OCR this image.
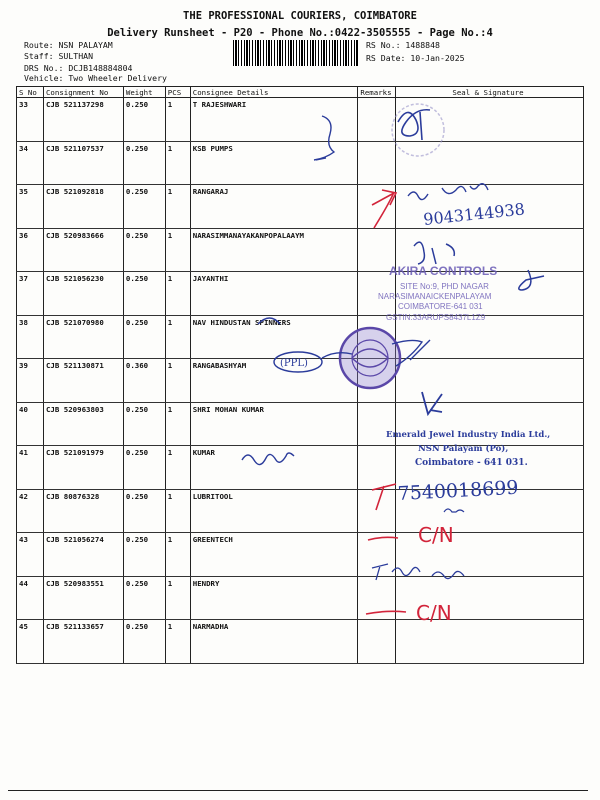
THE PROFESSIONAL COURIERS, COIMBATORE
Delivery Runsheet - P20 - Phone No.:0422-3505555 - Page No.:4
Route: NSN PALAYAM
Staff: SULTHAN
DRS No.: DCJB148884804
Vehicle: Two Wheeler Delivery
RS No.: 1488848
RS Date: 10-Jan-2025
S No	Consignment No	Weight	PCS	Consignee Details	Remarks	Seal & Signature
33	CJB 521137298	0.250	1	T RAJESHWARI		
34	CJB 521107537	0.250	1	KSB PUMPS		
35	CJB 521092818	0.250	1	RANGARAJ		
36	CJB 520983666	0.250	1	NARASIMMANAYAKANPOPALAAYM		
37	CJB 521056230	0.250	1	JAYANTHI		
38	CJB 521070980	0.250	1	NAV HINDUSTAN SPINNERS		
39	CJB 521130871	0.360	1	RANGABASHYAM		
40	CJB 520963803	0.250	1	SHRI MOHAN KUMAR		
41	CJB 521091979	0.250	1	KUMAR		
42	CJB 80876328	0.250	1	LUBRITOOL		
43	CJB 521056274	0.250	1	GREENTECH		
44	CJB 520983551	0.250	1	HENDRY		
45	CJB 521133657	0.250	1	NARMADHA		
9043144938
AKIRA CONTROLS
SITE No:9, PHD NAGAR
NARASIMANAICKENPALAYAM
COIMBATORE-641 031
GSTIN:33ARUPS8437L1Z9
(PPL)
Emerald Jewel Industry India Ltd.,
NSN Palayam (Po),
Coimbatore - 641 031.
7540018699
C/N
C/N
